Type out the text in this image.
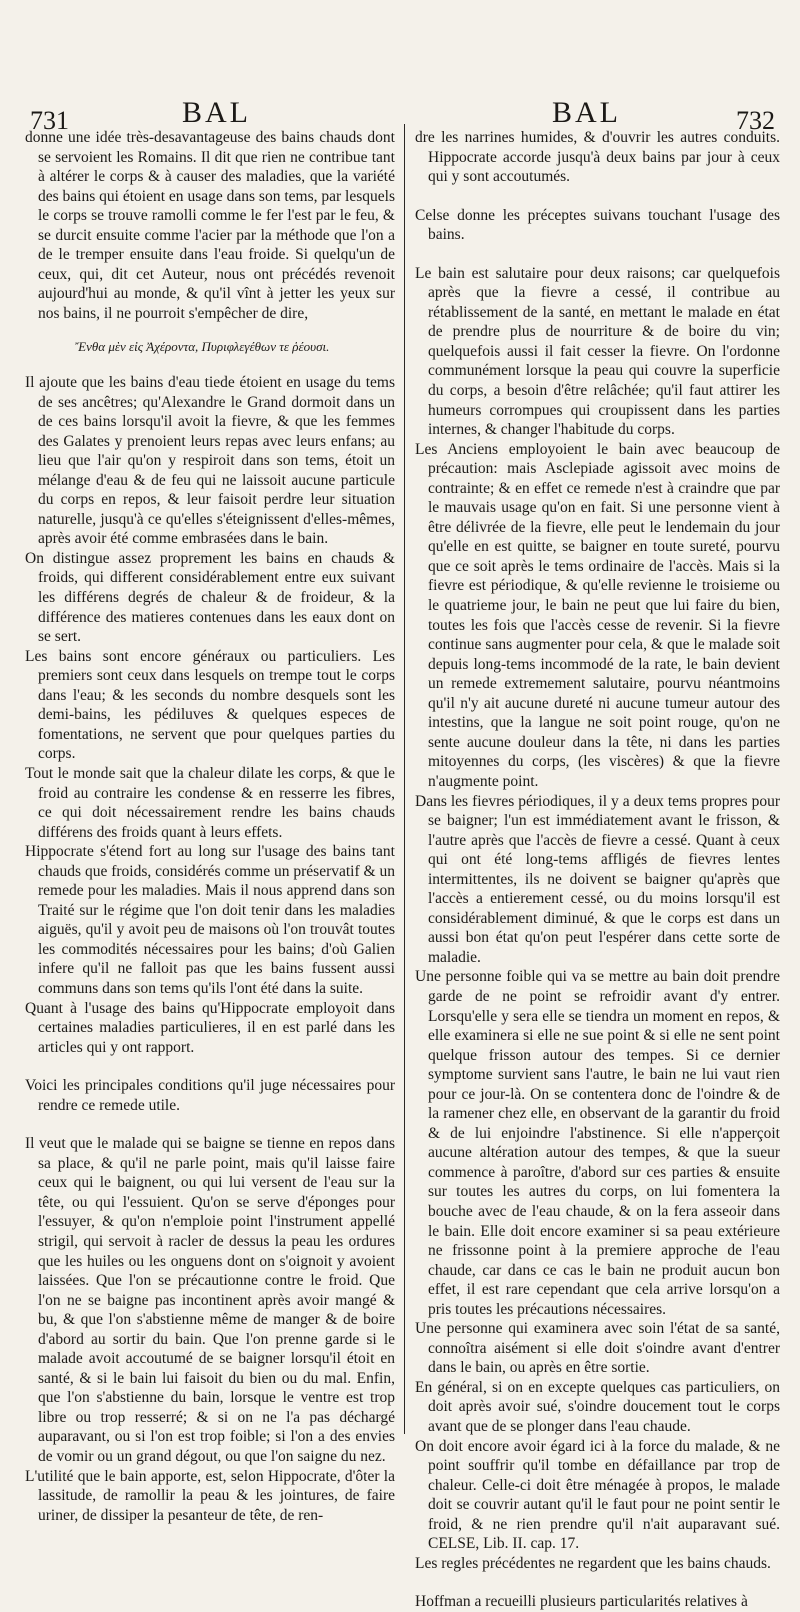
731	BAL	BAL	732

donne une idée très-desavantageuse des bains chauds dont se servoient les Romains. Il dit que rien ne contribue tant à altérer le corps & à causer des maladies, que la variété des bains qui étoient en usage dans son tems, par lesquels le corps se trouve ramolli comme le fer l'est par le feu, & se durcit ensuite comme l'acier par la méthode que l'on a de le tremper ensuite dans l'eau froide. Si quelqu'un de ceux, qui, dit cet Auteur, nous ont précédés revenoit aujourd'hui au monde, & qu'il vînt à jetter les yeux sur nos bains, il ne pourroit s'empêcher de dire,

Ἔνθα μὲν εἰς Ἀχέροντα, Πυριφλεγέθων τε ῥέουσι.

Il ajoute que les bains d'eau tiede étoient en usage du tems de ses ancêtres; qu'Alexandre le Grand dormoit dans un de ces bains lorsqu'il avoit la fievre, & que les femmes des Galates y prenoient leurs repas avec leurs enfans; au lieu que l'air qu'on y respiroit dans son tems, étoit un mélange d'eau & de feu qui ne laissoit aucune particule du corps en repos, & leur faisoit perdre leur situation naturelle, jusqu'à ce qu'elles s'éteignissent d'elles-mêmes, après avoir été comme embrasées dans le bain.

On distingue assez proprement les bains en chauds & froids, qui different considérablement entre eux suivant les différens degrés de chaleur & de froideur, & la différence des matieres contenues dans les eaux dont on se sert.

Les bains sont encore généraux ou particuliers. Les premiers sont ceux dans lesquels on trempe tout le corps dans l'eau; & les seconds du nombre desquels sont les demi-bains, les pédiluves & quelques especes de fomentations, ne servent que pour quelques parties du corps.

Tout le monde sait que la chaleur dilate les corps, & que le froid au contraire les condense & en resserre les fibres, ce qui doit nécessairement rendre les bains chauds différens des froids quant à leurs effets.

Hippocrate s'étend fort au long sur l'usage des bains tant chauds que froids, considérés comme un préservatif & un remede pour les maladies. Mais il nous apprend dans son Traité sur le régime que l'on doit tenir dans les maladies aiguës, qu'il y avoit peu de maisons où l'on trouvât toutes les commodités nécessaires pour les bains; d'où Galien infere qu'il ne falloit pas que les bains fussent aussi communs dans son tems qu'ils l'ont été dans la suite.

Quant à l'usage des bains qu'Hippocrate employoit dans certaines maladies particulieres, il en est parlé dans les articles qui y ont rapport.

Voici les principales conditions qu'il juge nécessaires pour rendre ce remede utile.

Il veut que le malade qui se baigne se tienne en repos dans sa place, & qu'il ne parle point, mais qu'il laisse faire ceux qui le baignent, ou qui lui versent de l'eau sur la tête, ou qui l'essuient. Qu'on se serve d'éponges pour l'essuyer, & qu'on n'emploie point l'instrument appellé strigil, qui servoit à racler de dessus la peau les ordures que les huiles ou les onguens dont on s'oignoit y avoient laissées. Que l'on se précautionne contre le froid. Que l'on ne se baigne pas incontinent après avoir mangé & bu, & que l'on s'abstienne même de manger & de boire d'abord au sortir du bain. Que l'on prenne garde si le malade avoit accoutumé de se baigner lorsqu'il étoit en santé, & si le bain lui faisoit du bien ou du mal. Enfin, que l'on s'abstienne du bain, lorsque le ventre est trop libre ou trop resserré; & si on ne l'a pas déchargé auparavant, ou si l'on est trop foible; si l'on a des envies de vomir ou un grand dégout, ou que l'on saigne du nez.

L'utilité que le bain apporte, est, selon Hippocrate, d'ôter la lassitude, de ramollir la peau & les jointures, de faire uriner, de dissiper la pesanteur de tête, de ren-

dre les narrines humides, & d'ouvrir les autres conduits. Hippocrate accorde jusqu'à deux bains par jour à ceux qui y sont accoutumés.

Celse donne les préceptes suivans touchant l'usage des bains.

Le bain est salutaire pour deux raisons; car quelquefois après que la fievre a cessé, il contribue au rétablissement de la santé, en mettant le malade en état de prendre plus de nourriture & de boire du vin; quelquefois aussi il fait cesser la fievre. On l'ordonne communément lorsque la peau qui couvre la superficie du corps, a besoin d'être relâchée; qu'il faut attirer les humeurs corrompues qui croupissent dans les parties internes, & changer l'habitude du corps.

Les Anciens employoient le bain avec beaucoup de précaution: mais Asclepiade agissoit avec moins de contrainte; & en effet ce remede n'est à craindre que par le mauvais usage qu'on en fait. Si une personne vient à être délivrée de la fievre, elle peut le lendemain du jour qu'elle en est quitte, se baigner en toute sureté, pourvu que ce soit après le tems ordinaire de l'accès. Mais si la fievre est périodique, & qu'elle revienne le troisieme ou le quatrieme jour, le bain ne peut que lui faire du bien, toutes les fois que l'accès cesse de revenir. Si la fievre continue sans augmenter pour cela, & que le malade soit depuis long-tems incommodé de la rate, le bain devient un remede extremement salutaire, pourvu néantmoins qu'il n'y ait aucune dureté ni aucune tumeur autour des intestins, que la langue ne soit point rouge, qu'on ne sente aucune douleur dans la tête, ni dans les parties mitoyennes du corps, (les viscères) & que la fievre n'augmente point.

Dans les fievres périodiques, il y a deux tems propres pour se baigner; l'un est immédiatement avant le frisson, & l'autre après que l'accès de fievre a cessé. Quant à ceux qui ont été long-tems affligés de fievres lentes intermittentes, ils ne doivent se baigner qu'après que l'accès a entierement cessé, ou du moins lorsqu'il est considérablement diminué, & que le corps est dans un aussi bon état qu'on peut l'espérer dans cette sorte de maladie.

Une personne foible qui va se mettre au bain doit prendre garde de ne point se refroidir avant d'y entrer. Lorsqu'elle y sera elle se tiendra un moment en repos, & elle examinera si elle ne sue point & si elle ne sent point quelque frisson autour des tempes. Si ce dernier symptome survient sans l'autre, le bain ne lui vaut rien pour ce jour-là. On se contentera donc de l'oindre & de la ramener chez elle, en observant de la garantir du froid & de lui enjoindre l'abstinence. Si elle n'apperçoit aucune altération autour des tempes, & que la sueur commence à paroître, d'abord sur ces parties & ensuite sur toutes les autres du corps, on lui fomentera la bouche avec de l'eau chaude, & on la fera asseoir dans le bain. Elle doit encore examiner si sa peau extérieure ne frissonne point à la premiere approche de l'eau chaude, car dans ce cas le bain ne produit aucun bon effet, il est rare cependant que cela arrive lorsqu'on a pris toutes les précautions nécessaires.

Une personne qui examinera avec soin l'état de sa santé, connoîtra aisément si elle doit s'oindre avant d'entrer dans le bain, ou après en être sortie.

En général, si on en excepte quelques cas particuliers, on doit après avoir sué, s'oindre doucement tout le corps avant que de se plonger dans l'eau chaude.

On doit encore avoir égard ici à la force du malade, & ne point souffrir qu'il tombe en défaillance par trop de chaleur. Celle-ci doit être ménagée à propos, le malade doit se couvrir autant qu'il le faut pour ne point sentir le froid, & ne rien prendre qu'il n'ait auparavant sué. CELSE, Lib. II. cap. 17.

Les regles précédentes ne regardent que les bains chauds.

Hoffman a recueilli plusieurs particularités relatives à
